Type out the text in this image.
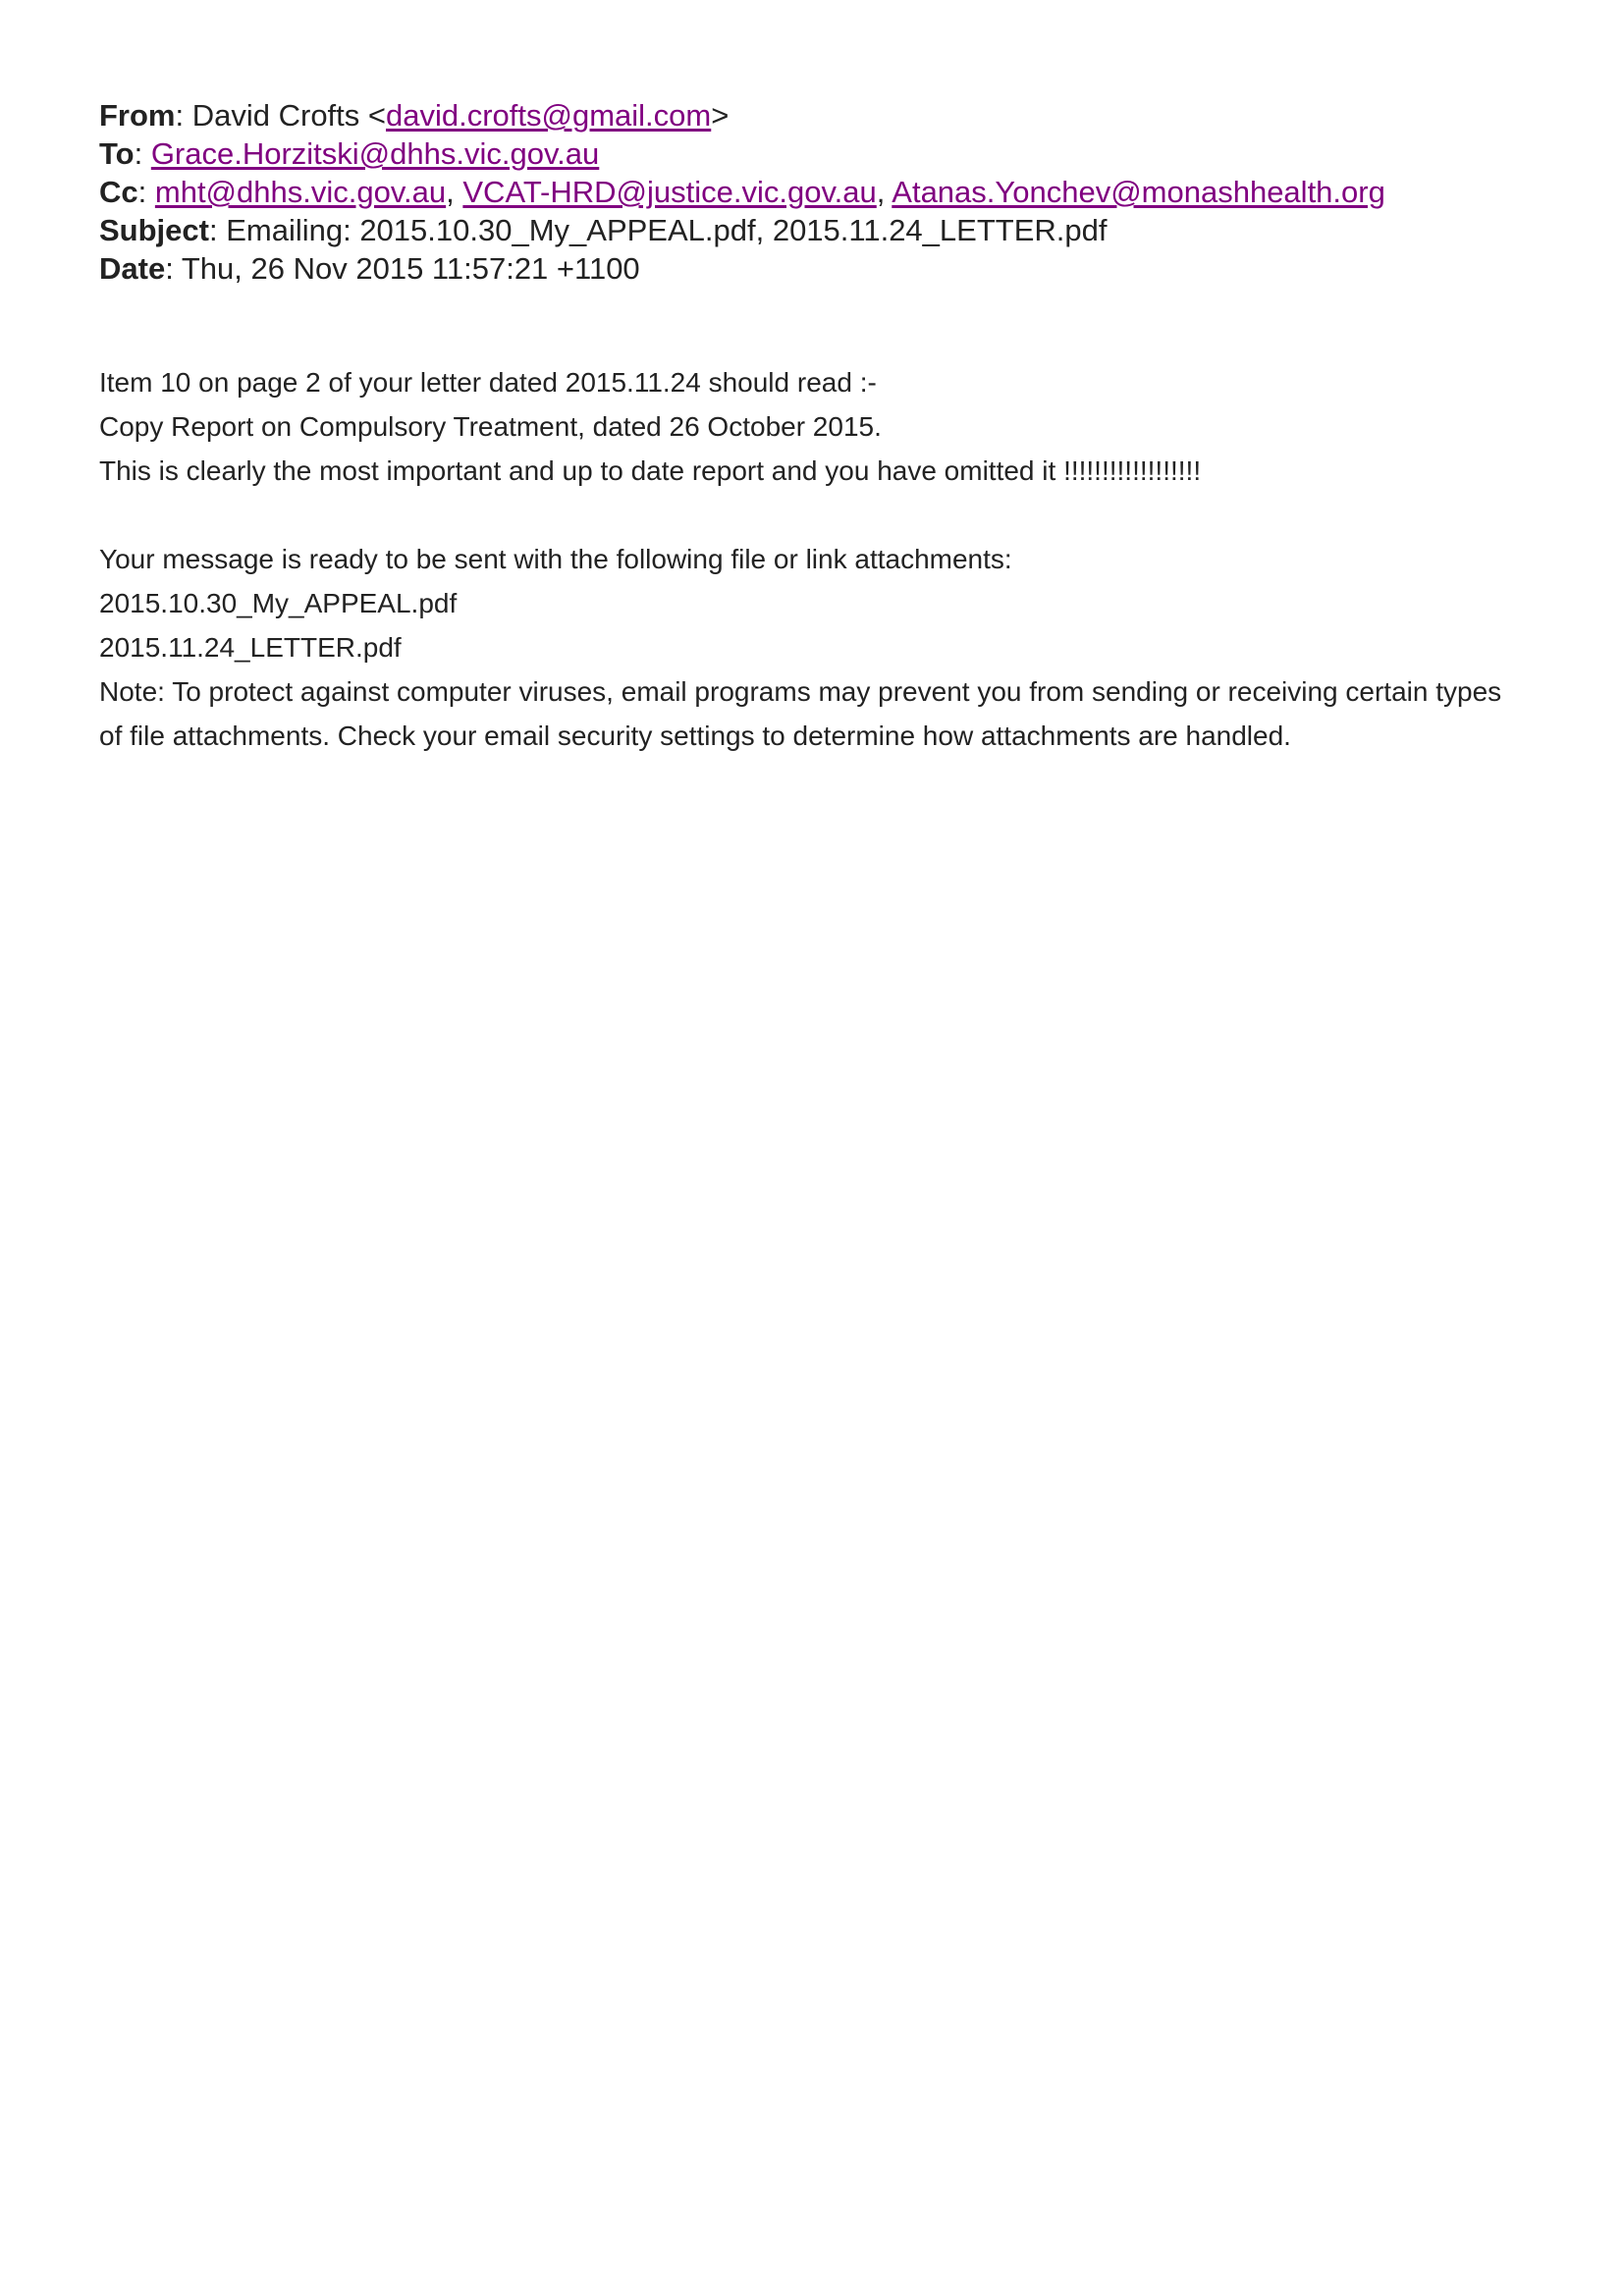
From: David Crofts <david.crofts@gmail.com>
To: Grace.Horzitski@dhhs.vic.gov.au
Cc: mht@dhhs.vic.gov.au, VCAT-HRD@justice.vic.gov.au, Atanas.Yonchev@monashhealth.org
Subject: Emailing: 2015.10.30_My_APPEAL.pdf, 2015.11.24_LETTER.pdf
Date: Thu, 26 Nov 2015 11:57:21 +1100
Item 10 on page 2 of your letter dated 2015.11.24 should read :-
Copy Report on Compulsory Treatment, dated 26 October 2015.
This is clearly the most important and up to date report and you have omitted it !!!!!!!!!!!!!!!!!!
Your message is ready to be sent with the following file or link attachments:
2015.10.30_My_APPEAL.pdf
2015.11.24_LETTER.pdf
Note: To protect against computer viruses, email programs may prevent you from sending or receiving certain types
of file attachments. Check your email security settings to determine how attachments are handled.
